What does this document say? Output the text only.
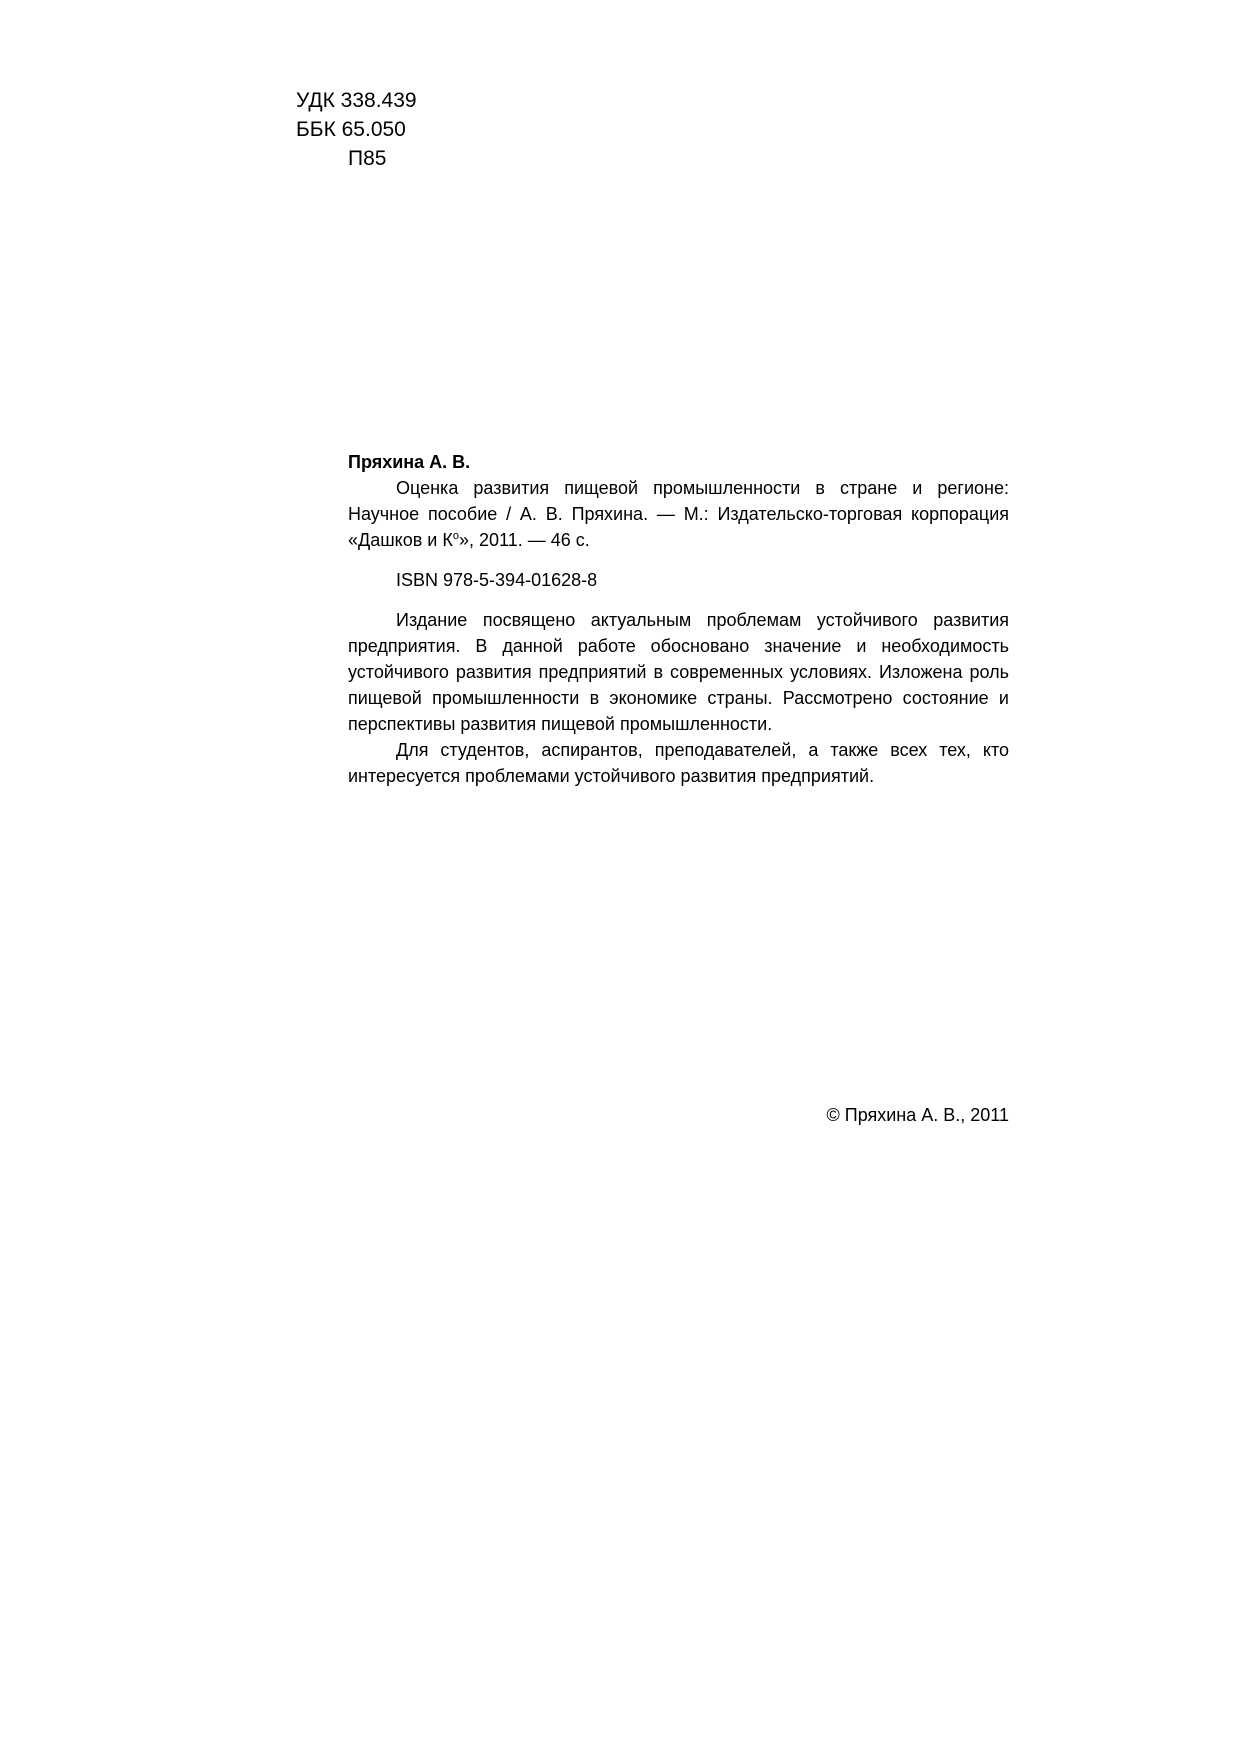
УДК 338.439
ББК 65.050
П85

Пряхина А. В.

Оценка развития пищевой промышленности в стране и регионе: Научное пособие / А. В. Пряхина. — М.: Издательско-торговая корпорация «Дашков и $К^о$», 2011. — 46 с.

ISBN 978-5-394-01628-8

Издание посвящено актуальным проблемам устойчивого развития предприятия. В данной работе обосновано значение и необходимость устойчивого развития предприятий в современных условиях. Изложена роль пищевой промышленности в экономике страны. Рассмотрено состояние и перспективы развития пищевой промышленности.

Для студентов, аспирантов, преподавателей, а также всех тех, кто интересуется проблемами устойчивого развития предприятий.

© Пряхина А. В., 2011
